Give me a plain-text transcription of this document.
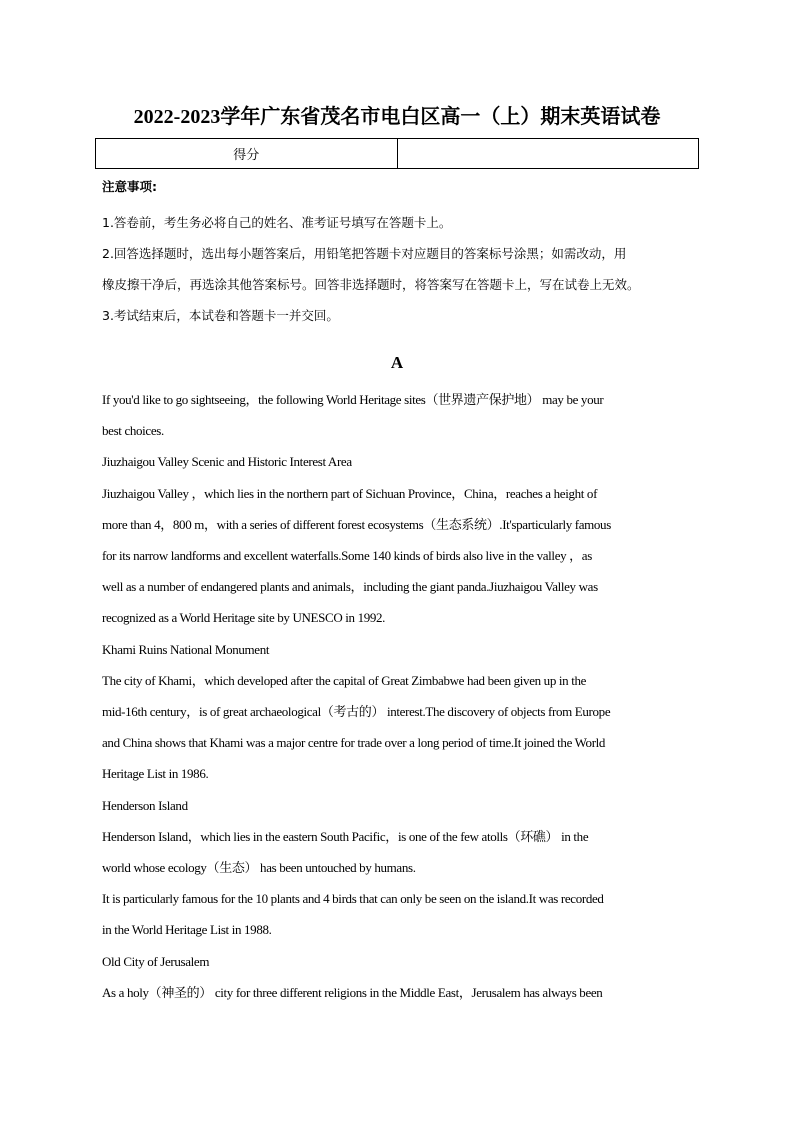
2022-2023学年广东省茂名市电白区高一（上）期末英语试卷
得分	
注意事项:

1.答卷前，考生务必将自己的姓名、准考证号填写在答题卡上。

2.回答选择题时，选出每小题答案后，用铅笔把答题卡对应题目的答案标号涂黑；如需改动，用

橡皮擦干净后，再选涂其他答案标号。回答非选择题时，将答案写在答题卡上，写在试卷上无效。

3.考试结束后，本试卷和答题卡一并交回。

A

If you'd like to go sightseeing，the following World Heritage sites（世界遗产保护地） may be your

best choices.

Jiuzhaigou Valley Scenic and Historic Interest Area

Jiuzhaigou Valley ，which lies in the northern part of Sichuan Province，China，reaches a height of

more than 4，800 m，with a series of different forest ecosystems（生态系统）.It'sparticularly famous

for its narrow landforms and excellent waterfalls.Some 140 kinds of birds also live in the valley ，as

well as a number of endangered plants and animals，including the giant panda.Jiuzhaigou Valley was

recognized as a World Heritage site by UNESCO in 1992.

Khami Ruins National Monument

The city of Khami，which developed after the capital of Great Zimbabwe had been given up in the

mid-16th century，is of great archaeological（考古的） interest.The discovery of objects from Europe

and China shows that Khami was a major centre for trade over a long period of time.It joined the World

Heritage List in 1986.

Henderson Island

Henderson Island，which lies in the eastern South Pacific，is one of the few atolls（环礁） in the

world whose ecology（生态） has been untouched by humans.

It is particularly famous for the 10 plants and 4 birds that can only be seen on the island.It was recorded

in the World Heritage List in 1988.

Old City of Jerusalem

As a holy（神圣的） city for three different religions in the Middle East，Jerusalem has always been
